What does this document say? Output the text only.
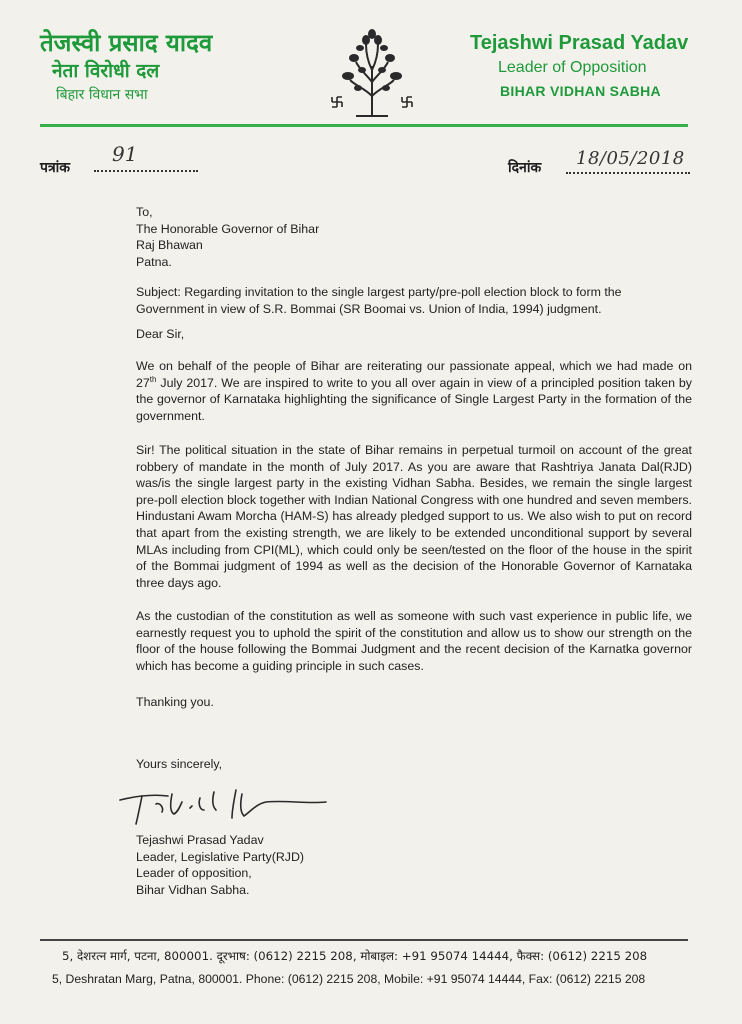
तेजस्वी प्रसाद यादव
नेता विरोधी दल
बिहार विधान सभा
Tejashwi Prasad Yadav
Leader of Opposition
BIHAR VIDHAN SABHA
पत्रांक
91
दिनांक 18/05/2018
To,
The Honorable Governor of Bihar
Raj Bhawan
Patna.
Subject: Regarding invitation to the single largest party/pre-poll election block to form the
Government in view of S.R. Bommai (SR Boomai vs. Union of India, 1994) judgment.
Dear Sir,

We on behalf of the people of Bihar are reiterating our passionate appeal, which we had made on 27th July 2017. We are inspired to write to you all over again in view of a principled position taken by the governor of Karnataka highlighting the significance of Single Largest Party in the formation of the government.

Sir! The political situation in the state of Bihar remains in perpetual turmoil on account of the great robbery of mandate in the month of July 2017. As you are aware that Rashtriya Janata Dal(RJD) was/is the single largest party in the existing Vidhan Sabha. Besides, we remain the single largest pre-poll election block together with Indian National Congress with one hundred and seven members. Hindustani Awam Morcha (HAM-S) has already pledged support to us. We also wish to put on record that apart from the existing strength, we are likely to be extended unconditional support by several MLAs including from CPI(ML), which could only be seen/tested on the floor of the house in the spirit of the Bommai judgment of 1994 as well as the decision of the Honorable Governor of Karnataka three days ago.

As the custodian of the constitution as well as someone with such vast experience in public life, we earnestly request you to uphold the spirit of the constitution and allow us to show our strength on the floor of the house following the Bommai Judgment and the recent decision of the Karnatka governor which has become a guiding principle in such cases.

Thanking you.
Yours sincerely,
Tejashwi Prasad Yadav
Leader, Legislative Party(RJD)
Leader of opposition,
Bihar Vidhan Sabha.
5, देशरत्न मार्ग, पटना, 800001. दूरभाष: (0612) 2215 208, मोबाइल: +91 95074 14444, फैक्स: (0612) 2215 208
5, Deshratan Marg, Patna, 800001. Phone: (0612) 2215 208, Mobile: +91 95074 14444, Fax: (0612) 2215 208
